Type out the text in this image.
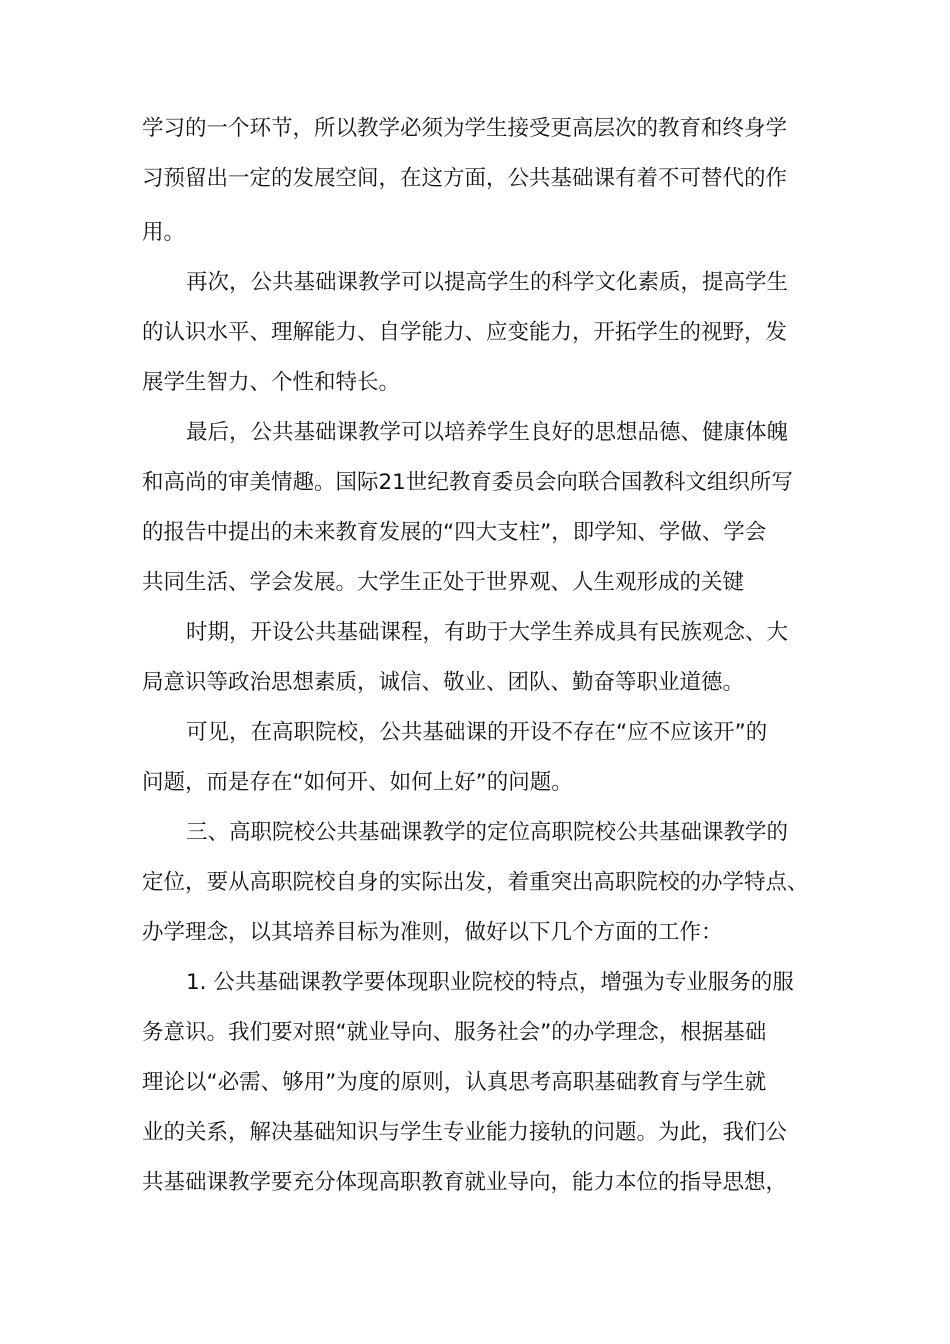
学习的一个环节，所以教学必须为学生接受更高层次的教育和终身学
习预留出一定的发展空间，在这方面，公共基础课有着不可替代的作
用。
再次，公共基础课教学可以提高学生的科学文化素质，提高学生
的认识水平、理解能力、自学能力、应变能力，开拓学生的视野，发
展学生智力、个性和特长。
最后，公共基础课教学可以培养学生良好的思想品德、健康体魄
和高尚的审美情趣。国际21世纪教育委员会向联合国教科文组织所写
的报告中提出的未来教育发展的“四大支柱”，即学知、学做、学会
共同生活、学会发展。大学生正处于世界观、人生观形成的关键
时期，开设公共基础课程，有助于大学生养成具有民族观念、大
局意识等政治思想素质，诚信、敬业、团队、勤奋等职业道德。
可见，在高职院校，公共基础课的开设不存在“应不应该开”的
问题，而是存在“如何开、如何上好”的问题。
三、高职院校公共基础课教学的定位高职院校公共基础课教学的
定位，要从高职院校自身的实际出发，着重突出高职院校的办学特点、
办学理念，以其培养目标为准则，做好以下几个方面的工作：
1. 公共基础课教学要体现职业院校的特点，增强为专业服务的服
务意识。我们要对照“就业导向、服务社会”的办学理念，根据基础
理论以“必需、够用”为度的原则，认真思考高职基础教育与学生就
业的关系，解决基础知识与学生专业能力接轨的问题。为此，我们公
共基础课教学要充分体现高职教育就业导向，能力本位的指导思想，
